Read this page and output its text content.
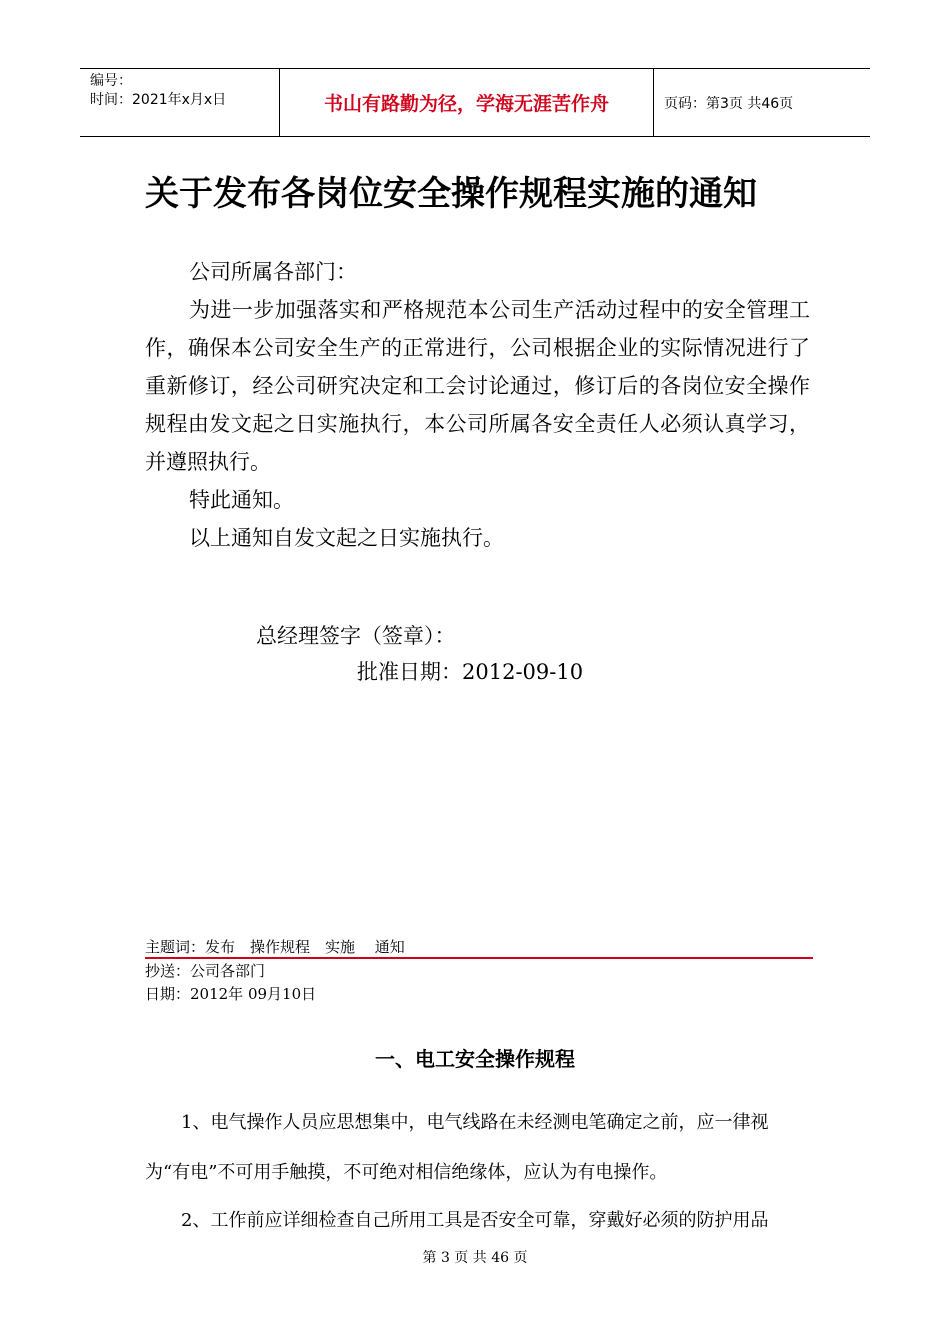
编号：
时间：2021年x月x日	书山有路勤为径，学海无涯苦作舟	页码：第3页 共46页
关于发布各岗位安全操作规程实施的通知

公司所属各部门：

为进一步加强落实和严格规范本公司生产活动过程中的安全管理工作，确保本公司安全生产的正常进行，公司根据企业的实际情况进行了重新修订，经公司研究决定和工会讨论通过，修订后的各岗位安全操作规程由发文起之日实施执行，本公司所属各安全责任人必须认真学习，并遵照执行。

特此通知。

以上通知自发文起之日实施执行。

总经理签字（签章）：
批准日期：2012-09-10
主题词：发布　操作规程　实施　 通知
抄送：公司各部门
日期：2012年 09月10日
一、电工安全操作规程
1、电气操作人员应思想集中，电气线路在未经测电笔确定之前，应一律视
为“有电”不可用手触摸，不可绝对相信绝缘体，应认为有电操作。
2、工作前应详细检查自己所用工具是否安全可靠，穿戴好必须的防护用品
第 3 页 共 46 页
